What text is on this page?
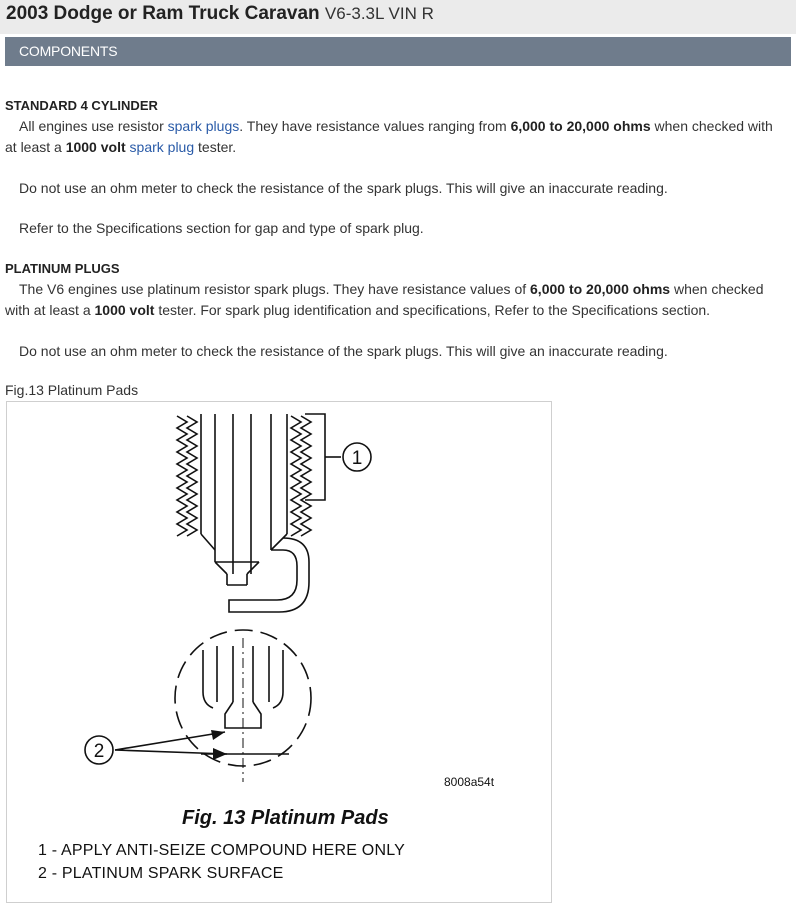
2003 Dodge or Ram Truck Caravan V6-3.3L VIN R
COMPONENTS
STANDARD 4 CYLINDER
All engines use resistor spark plugs. They have resistance values ranging from 6,000 to 20,000 ohms when checked with at least a 1000 volt spark plug tester.
Do not use an ohm meter to check the resistance of the spark plugs. This will give an inaccurate reading.
Refer to the Specifications section for gap and type of spark plug.
PLATINUM PLUGS
The V6 engines use platinum resistor spark plugs. They have resistance values of 6,000 to 20,000 ohms when checked with at least a 1000 volt tester. For spark plug identification and specifications, Refer to the Specifications section.
Do not use an ohm meter to check the resistance of the spark plugs. This will give an inaccurate reading.
Fig.13 Platinum Pads
1
2
8008a54t
Fig. 13 Platinum Pads
1 - APPLY ANTI-SEIZE COMPOUND HERE ONLY
2 - PLATINUM SPARK SURFACE
